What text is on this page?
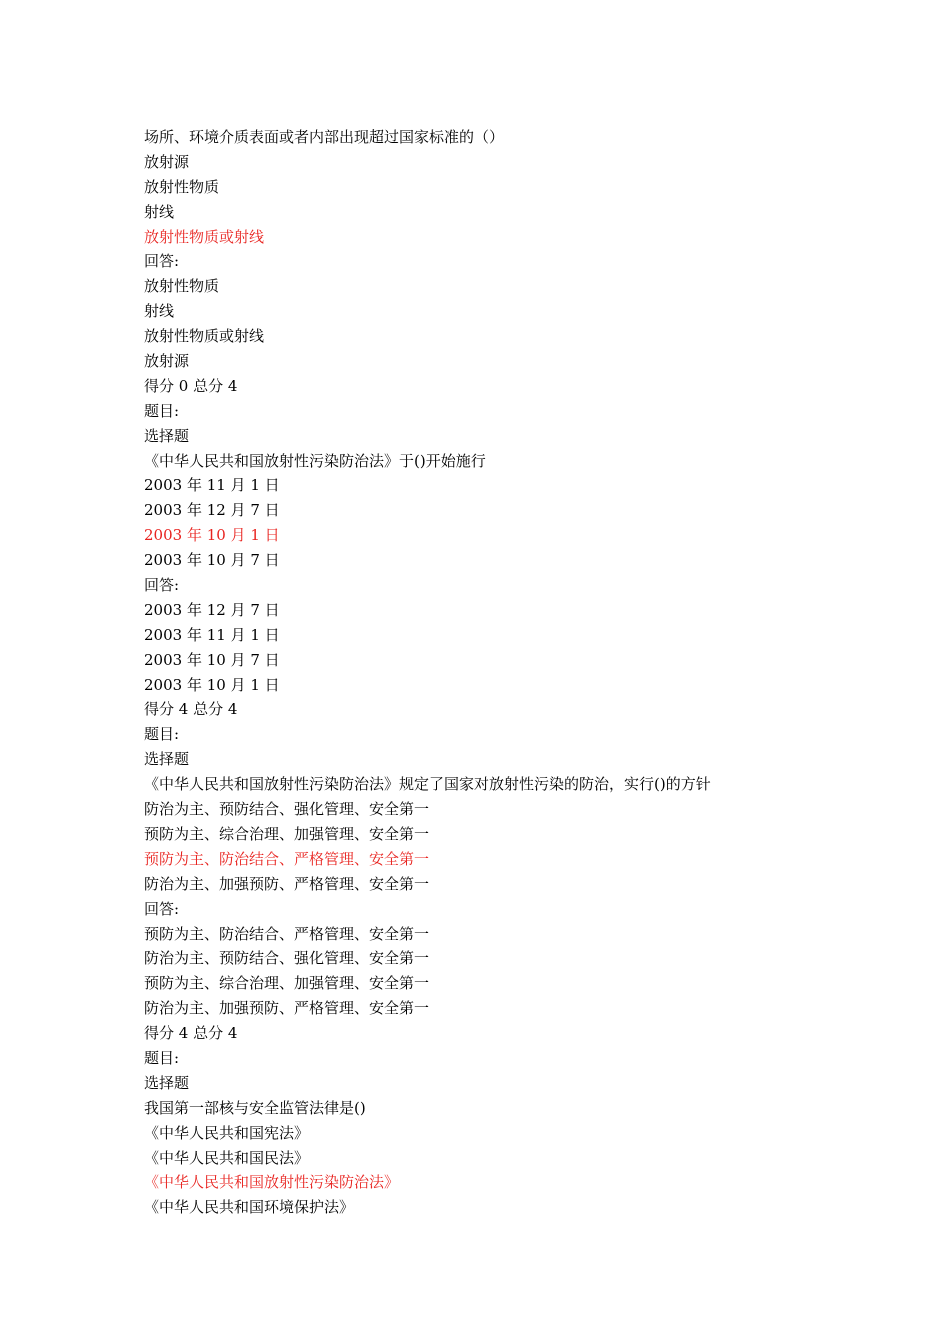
场所、环境介质表面或者内部出现超过国家标准的（）
放射源
放射性物质
射线
放射性物质或射线
回答:
放射性物质
射线
放射性物质或射线
放射源
得分 0 总分 4
题目:
选择题
《中华人民共和国放射性污染防治法》于()开始施行
2003 年 11 月 1 日
2003 年 12 月 7 日
2003 年 10 月 1 日
2003 年 10 月 7 日
回答:
2003 年 12 月 7 日
2003 年 11 月 1 日
2003 年 10 月 7 日
2003 年 10 月 1 日
得分 4 总分 4
题目:
选择题
《中华人民共和国放射性污染防治法》规定了国家对放射性污染的防治，实行()的方针
防治为主、预防结合、强化管理、安全第一
预防为主、综合治理、加强管理、安全第一
预防为主、防治结合、严格管理、安全第一
防治为主、加强预防、严格管理、安全第一
回答:
预防为主、防治结合、严格管理、安全第一
防治为主、预防结合、强化管理、安全第一
预防为主、综合治理、加强管理、安全第一
防治为主、加强预防、严格管理、安全第一
得分 4 总分 4
题目:
选择题
我国第一部核与安全监管法律是()
《中华人民共和国宪法》
《中华人民共和国民法》
《中华人民共和国放射性污染防治法》
《中华人民共和国环境保护法》
